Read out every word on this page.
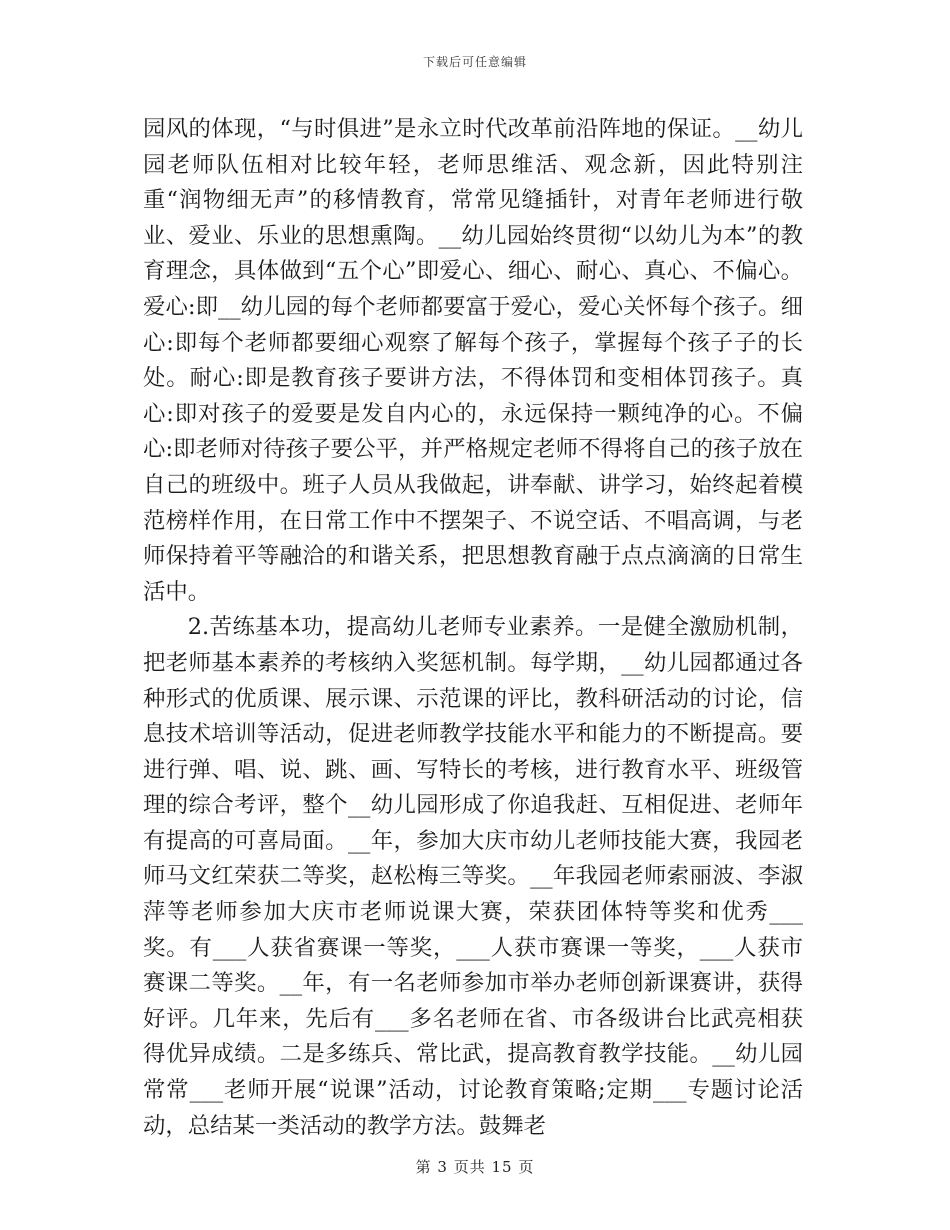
下载后可任意编辑

园风的体现，“与时俱进”是永立时代改革前沿阵地的保证。__幼儿园老师队伍相对比较年轻，老师思维活、观念新，因此特别注重“润物细无声”的移情教育，常常见缝插针，对青年老师进行敬业、爱业、乐业的思想熏陶。__幼儿园始终贯彻“以幼儿为本”的教育理念，具体做到“五个心”即爱心、细心、耐心、真心、不偏心。爱心:即__幼儿园的每个老师都要富于爱心，爱心关怀每个孩子。细心:即每个老师都要细心观察了解每个孩子，掌握每个孩子子的长处。耐心:即是教育孩子要讲方法，不得体罚和变相体罚孩子。真心:即对孩子的爱要是发自内心的，永远保持一颗纯净的心。不偏心:即老师对待孩子要公平，并严格规定老师不得将自己的孩子放在自己的班级中。班子人员从我做起，讲奉献、讲学习，始终起着模范榜样作用，在日常工作中不摆架子、不说空话、不唱高调，与老师保持着平等融洽的和谐关系，把思想教育融于点点滴滴的日常生活中。

2.苦练基本功，提高幼儿老师专业素养。一是健全激励机制，把老师基本素养的考核纳入奖惩机制。每学期，__幼儿园都通过各种形式的优质课、展示课、示范课的评比，教科研活动的讨论，信息技术培训等活动，促进老师教学技能水平和能力的不断提高。要进行弹、唱、说、跳、画、写特长的考核，进行教育水平、班级管理的综合考评，整个__幼儿园形成了你追我赶、互相促进、老师年有提高的可喜局面。__年，参加大庆市幼儿老师技能大赛，我园老师马文红荣获二等奖，赵松梅三等奖。__年我园老师索丽波、李淑萍等老师参加大庆市老师说课大赛，荣获团体特等奖和优秀___奖。有___人获省赛课一等奖，___人获市赛课一等奖，___人获市赛课二等奖。__年，有一名老师参加市举办老师创新课赛讲，获得好评。几年来，先后有___多名老师在省、市各级讲台比武亮相获得优异成绩。二是多练兵、常比武，提高教育教学技能。__幼儿园常常___老师开展“说课”活动，讨论教育策略;定期___专题讨论活动，总结某一类活动的教学方法。鼓舞老

第 3 页共 15 页
